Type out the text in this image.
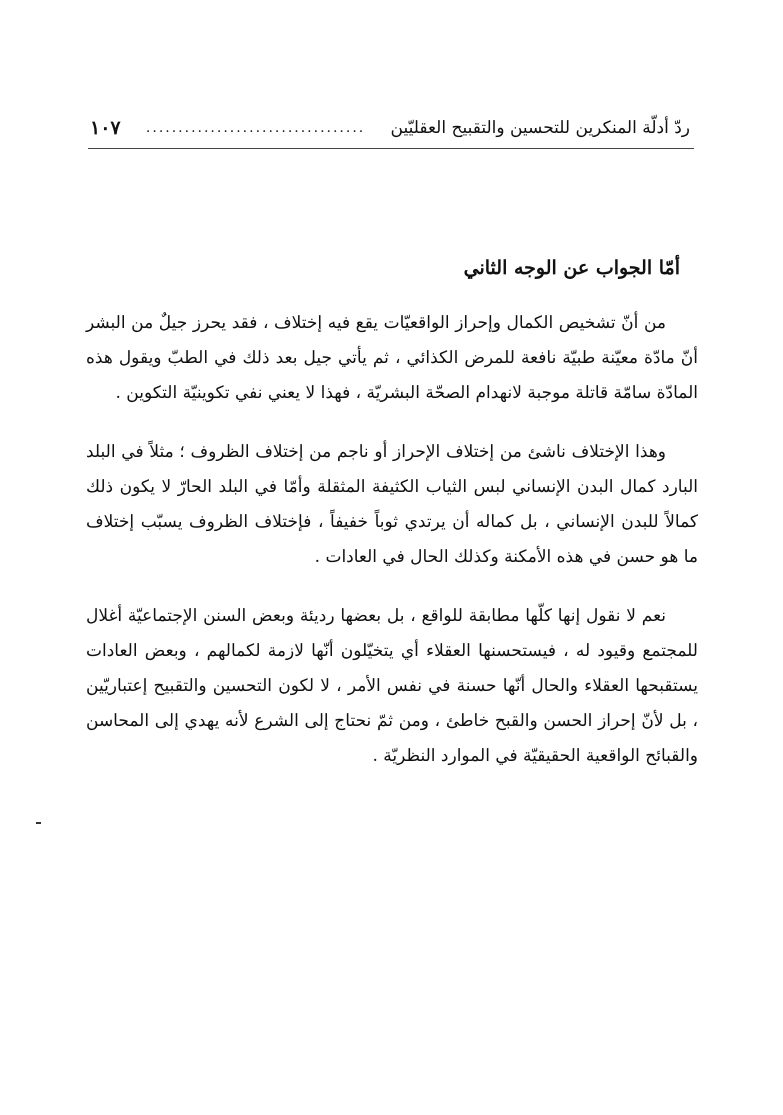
ردّ أدلّة المنكرين للتحسين والتقبيح العقليّين
..................................
١٠٧

أمّا الجواب عن الوجه الثاني

من أنّ تشخيص الكمال وإحراز الواقعيّات يقع فيه إختلاف ، فقد يحرز جيلٌ من البشر أنّ مادّة معيّنة طبيّة نافعة للمرض الكذائي ، ثم يأتي جيل بعد ذلك في الطبّ ويقول هذه المادّة سامّة قاتلة موجبة لانهدام الصحّة البشريّة ، فهذا لا يعني نفي تكوينيّة التكوين .

وهذا الإختلاف ناشئ من إختلاف الإحراز أو ناجم من إختلاف الظروف ؛ مثلاً في البلد البارد كمال البدن الإنساني لبس الثياب الكثيفة المثقلة وأمّا في البلد الحارّ لا يكون ذلك كمالاً للبدن الإنساني ، بل كماله أن يرتدي ثوباً خفيفاً ، فإختلاف الظروف يسبّب إختلاف ما هو حسن في هذه الأمكنة وكذلك الحال في العادات .

نعم لا نقول إنها كلّها مطابقة للواقع ، بل بعضها رديئة وبعض السنن الإجتماعيّة أغلال للمجتمع وقيود له ، فيستحسنها العقلاء أي يتخيّلون أنّها لازمة لكمالهم ، وبعض العادات يستقبحها العقلاء والحال أنّها حسنة في نفس الأمر ، لا لكون التحسين والتقبيح إعتباريّين ، بل لأنّ إحراز الحسن والقبح خاطئ ، ومن ثمّ نحتاج إلى الشرع لأنه يهدي إلى المحاسن والقبائح الواقعية الحقيقيّة في الموارد النظريّة .
